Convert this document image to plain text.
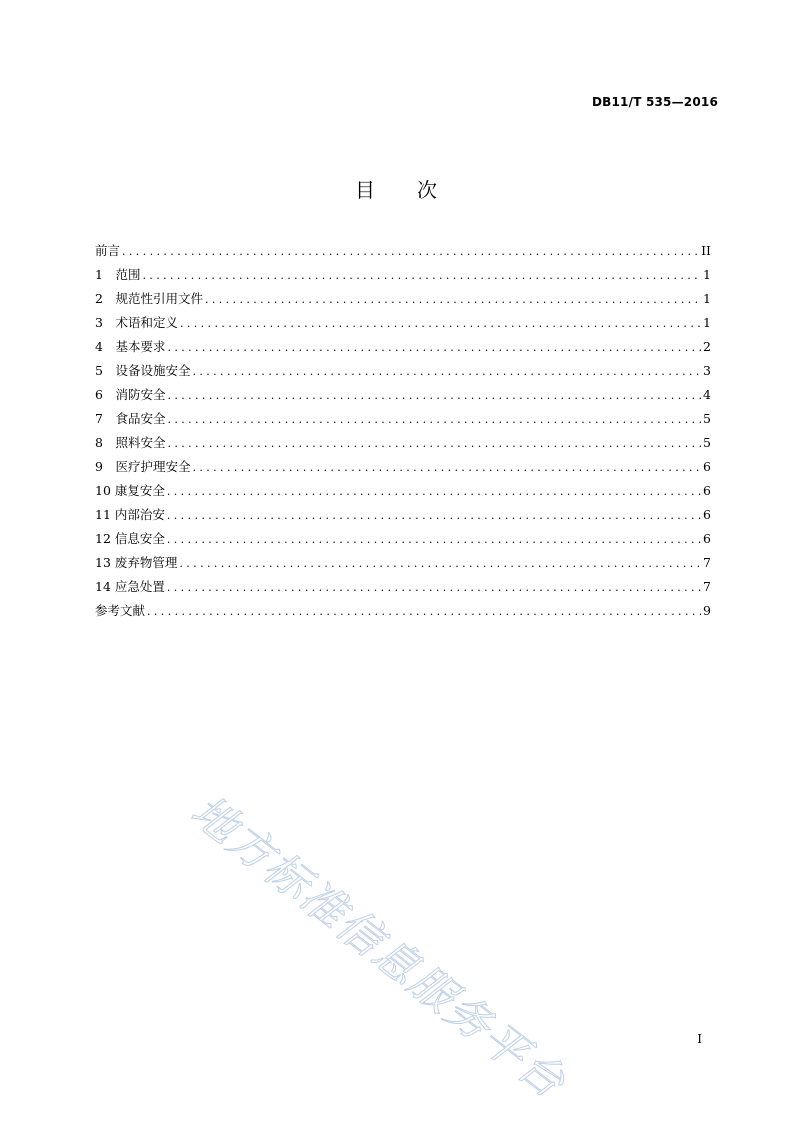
DB11/T 535—2016
目 次
前言 .....	II
1　范围 .....	1
2　规范性引用文件 .....	1
3　术语和定义 .....	1
4　基本要求 .....	2
5　设备设施安全 .....	3
6　消防安全 .....	4
7　食品安全 .....	5
8　照料安全 .....	5
9　医疗护理安全 .....	6
10 康复安全 .....	6
11 内部治安 .....	6
12 信息安全 .....	6
13 废弃物管理 .....	7
14 应急处置 .....	7
参考文献 .....	9
地方标准信息服务平台	I
